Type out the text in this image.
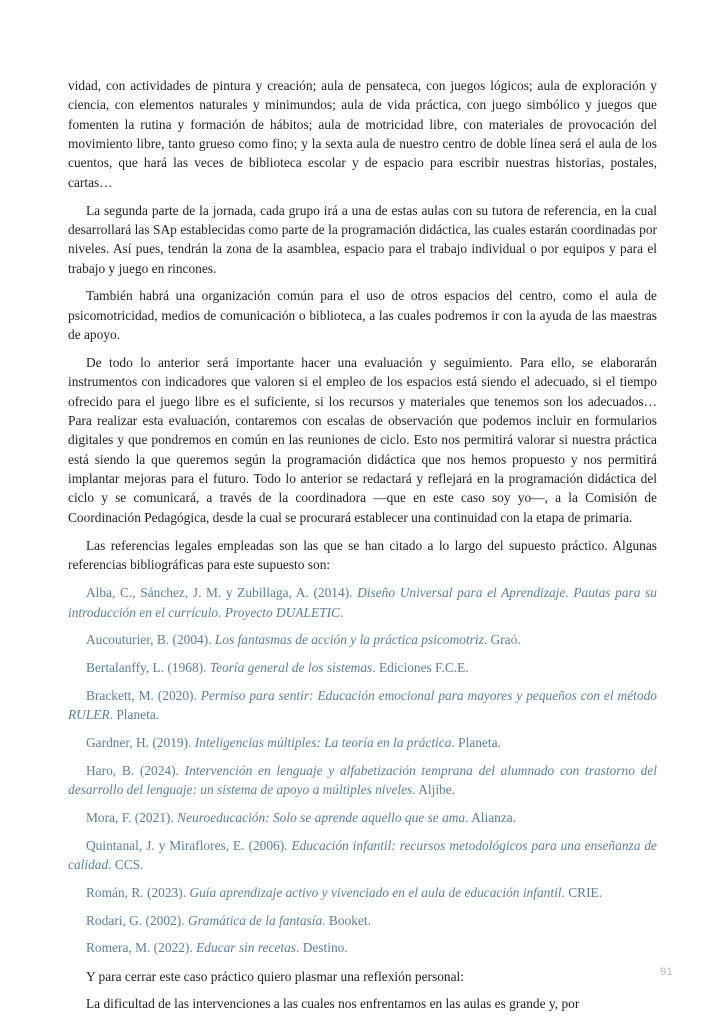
vidad, con actividades de pintura y creación; aula de pensateca, con juegos lógicos; aula de exploración y ciencia, con elementos naturales y minimundos; aula de vida práctica, con juego simbólico y juegos que fomenten la rutina y formación de hábitos; aula de motricidad libre, con materiales de provocación del movimiento libre, tanto grueso como fino; y la sexta aula de nuestro centro de doble línea será el aula de los cuentos, que hará las veces de biblioteca escolar y de espacio para escribir nuestras historias, postales, cartas…

La segunda parte de la jornada, cada grupo irá a una de estas aulas con su tutora de referencia, en la cual desarrollará las SAp establecidas como parte de la programación didáctica, las cuales estarán coordinadas por niveles. Así pues, tendrán la zona de la asamblea, espacio para el trabajo individual o por equipos y para el trabajo y juego en rincones.

También habrá una organización común para el uso de otros espacios del centro, como el aula de psicomotricidad, medios de comunicación o biblioteca, a las cuales podremos ir con la ayuda de las maestras de apoyo.

De todo lo anterior será importante hacer una evaluación y seguimiento. Para ello, se elaborarán instrumentos con indicadores que valoren si el empleo de los espacios está siendo el adecuado, si el tiempo ofrecido para el juego libre es el suficiente, si los recursos y materiales que tenemos son los adecuados… Para realizar esta evaluación, contaremos con escalas de observación que podemos incluir en formularios digitales y que pondremos en común en las reuniones de ciclo. Esto nos permitirá valorar si nuestra práctica está siendo la que queremos según la programación didáctica que nos hemos propuesto y nos permitirá implantar mejoras para el futuro. Todo lo anterior se redactará y reflejará en la programación didáctica del ciclo y se comunicará, a través de la coordinadora —que en este caso soy yo—, a la Comisión de Coordinación Pedagógica, desde la cual se procurará establecer una continuidad con la etapa de primaria.

Las referencias legales empleadas son las que se han citado a lo largo del supuesto práctico. Algunas referencias bibliográficas para este supuesto son:

Alba, C., Sánchez, J. M. y Zubillaga, A. (2014). Diseño Universal para el Aprendizaje. Pautas para su introducción en el currículo. Proyecto DUALETIC.

Aucouturier, B. (2004). Los fantasmas de acción y la práctica psicomotriz. Graó.

Bertalanffy, L. (1968). Teoría general de los sistemas. Ediciones F.C.E.

Brackett, M. (2020). Permiso para sentir: Educación emocional para mayores y pequeños con el método RULER. Planeta.

Gardner, H. (2019). Inteligencias múltiples: La teoría en la práctica. Planeta.

Haro, B. (2024). Intervención en lenguaje y alfabetización temprana del alumnado con trastorno del desarrollo del lenguaje: un sistema de apoyo a múltiples niveles. Aljibe.

Mora, F. (2021). Neuroeducación: Solo se aprende aquello que se ama. Alianza.

Quintanal, J. y Miraflores, E. (2006). Educación infantil: recursos metodológicos para una enseñanza de calidad. CCS.

Román, R. (2023). Guía aprendizaje activo y vivenciado en el aula de educación infantil. CRIE.

Rodari, G. (2002). Gramática de la fantasía. Booket.

Romera, M. (2022). Educar sin recetas. Destino.

Y para cerrar este caso práctico quiero plasmar una reflexión personal:

La dificultad de las intervenciones a las cuales nos enfrentamos en las aulas es grande y, por

91
